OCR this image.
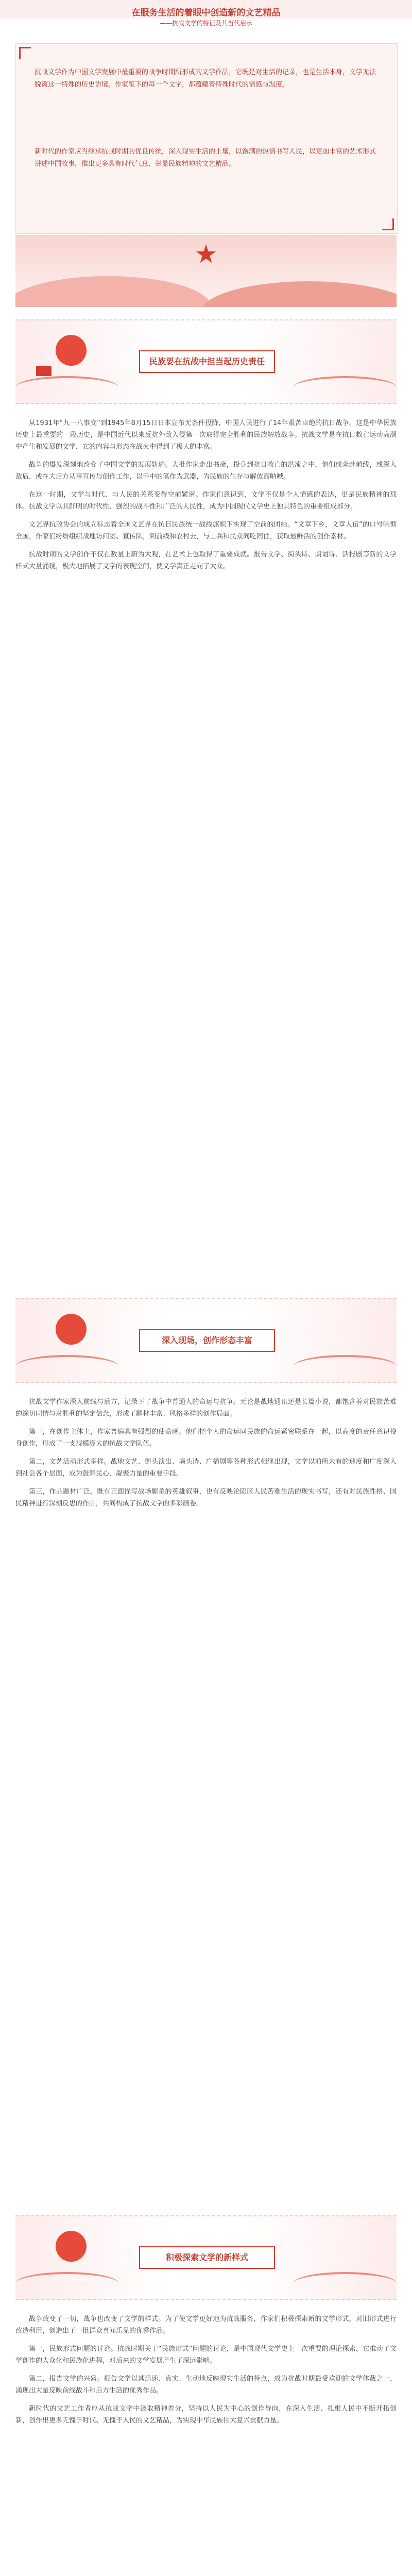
在服务生活的着眼中创造新的文艺精品
——抗战文学的特征及其当代启示

抗战文学作为中国文学发展中最重要的战争时期所形成的文学作品，它既是对生活的记录，也是生活本身，文学无法脱离这一特殊的历史语境。作家笔下的每一个文字，都蕴藏着特殊时代的情感与温度。

新时代的作家应当继承抗战时期的优良传统，深入现实生活的土壤，以饱满的热情书写人民，以更加丰富的艺术形式讲述中国故事，推出更多具有时代气息、彰显民族精神的文艺精品。

民族要在抗战中担当起历史责任

从1931年“九一八事变”到1945年8月15日日本宣布无条件投降，中国人民进行了14年艰苦卓绝的抗日战争。这是中华民族历史上最重要的一段历史，是中国近代以来反抗外敌入侵第一次取得完全胜利的民族解放战争。抗战文学是在抗日救亡运动高潮中产生和发展的文学，它的内容与形态在战火中得到了极大的丰富。

战争的爆发深刻地改变了中国文学的发展轨迹。大批作家走出书斋，投身到抗日救亡的洪流之中，他们或奔赴前线，或深入敌后，或在大后方从事宣传与创作工作，以手中的笔作为武器，为民族的生存与解放而呐喊。

在这一时期，文学与时代、与人民的关系变得空前紧密。作家们意识到，文学不仅是个人情感的表达，更是民族精神的载体。抗战文学以其鲜明的时代性、强烈的战斗性和广泛的人民性，成为中国现代文学史上独具特色的重要组成部分。

文艺界抗敌协会的成立标志着全国文艺界在抗日民族统一战线旗帜下实现了空前的团结。“文章下乡，文章入伍”的口号响彻全国，作家们纷纷组织战地访问团、宣传队，到前线和农村去，与士兵和民众同吃同住，获取最鲜活的创作素材。

抗战时期的文学创作不仅在数量上蔚为大观，在艺术上也取得了重要成就。报告文学、街头诗、朗诵诗、活报剧等新的文学样式大量涌现，极大地拓展了文学的表现空间，使文学真正走向了大众。

深入现场，创作形态丰富

抗战文学作家深入前线与后方，记录下了战争中普通人的命运与抗争。无论是战地通讯还是长篇小说，都饱含着对民族苦难的深切同情与对胜利的坚定信念，形成了题材丰富、风格多样的创作局面。

第一，在创作主体上，作家普遍具有强烈的使命感。他们把个人的命运同民族的命运紧密联系在一起，以高度的责任意识投身创作，形成了一支规模庞大的抗战文学队伍。

第二，文艺活动形式多样。战地文艺、街头演出、墙头诗、广播剧等各种形式相继出现，文学以前所未有的速度和广度深入到社会各个层面，成为鼓舞民心、凝聚力量的重要手段。

第三，作品题材广泛。既有正面描写战场厮杀的英雄叙事，也有反映沦陷区人民苦难生活的现实书写，还有对民族性格、国民精神进行深刻反思的作品，共同构成了抗战文学的多彩画卷。

积极探索文学的新样式

战争改变了一切，战争也改变了文学的样式。为了使文学更好地为抗战服务，作家们积极探索新的文学形式，对旧形式进行改造利用，创造出了一批群众喜闻乐见的优秀作品。

第一，民族形式问题的讨论。抗战时期关于“民族形式”问题的讨论，是中国现代文学史上一次重要的理论探索，它推动了文学创作的大众化和民族化进程，对后来的文学发展产生了深远影响。

第二，报告文学的兴盛。报告文学以其迅速、真实、生动地反映现实生活的特点，成为抗战时期最受欢迎的文学体裁之一，涌现出大量反映前线战斗和后方生活的优秀作品。

新时代的文艺工作者应从抗战文学中汲取精神养分，坚持以人民为中心的创作导向，在深入生活、扎根人民中不断开拓创新，创作出更多无愧于时代、无愧于人民的文艺精品，为实现中华民族伟大复兴贡献力量。
